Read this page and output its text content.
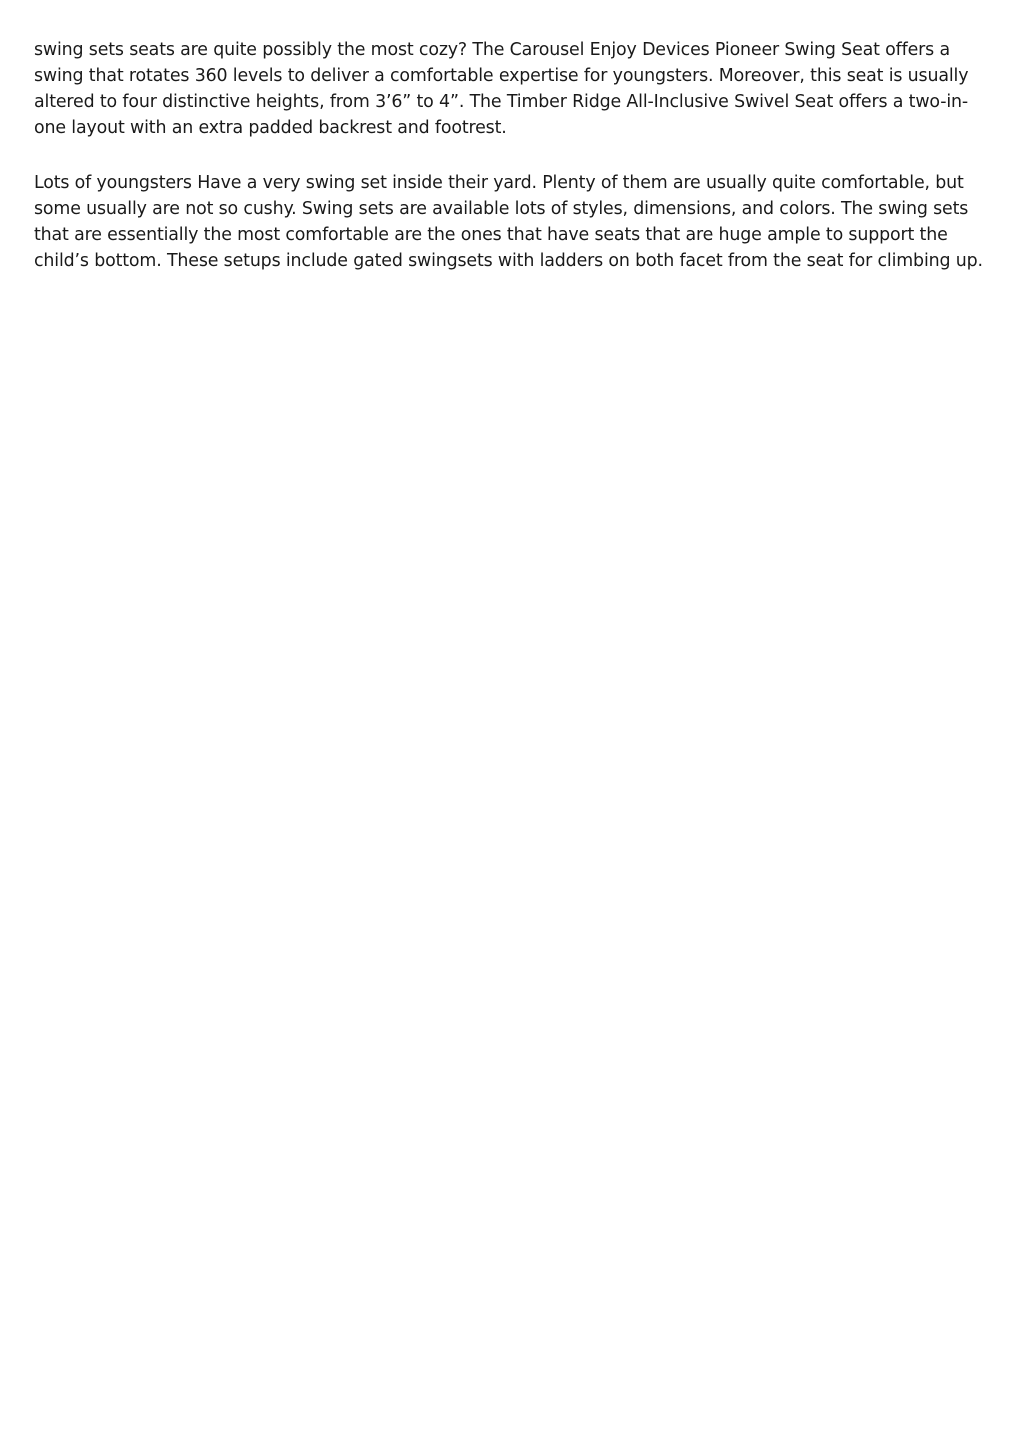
swing sets seats are quite possibly the most cozy? The Carousel Enjoy Devices Pioneer Swing Seat offers a swing that rotates 360 levels to deliver a comfortable expertise for youngsters. Moreover, this seat is usually altered to four distinctive heights, from 3’6” to 4”. The Timber Ridge All-Inclusive Swivel Seat offers a two-in-one layout with an extra padded backrest and footrest.

Lots of youngsters Have a very swing set inside their yard. Plenty of them are usually quite comfortable, but some usually are not so cushy. Swing sets are available lots of styles, dimensions, and colors. The swing sets that are essentially the most comfortable are the ones that have seats that are huge ample to support the child’s bottom. These setups include gated swingsets with ladders on both facet from the seat for climbing up.
